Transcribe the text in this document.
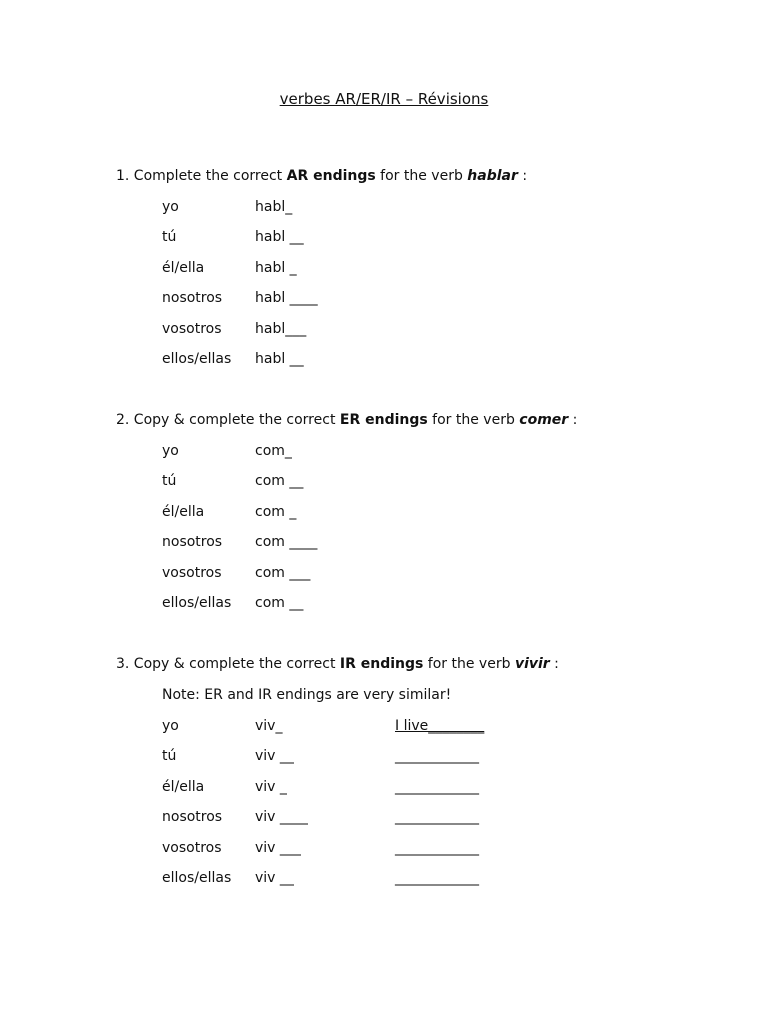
verbes AR/ER/IR – Révisions
1. Complete the correct AR endings for the verb hablar :
yo	habl_
tú	habl __
él/ella	habl _
nosotros habl ____
vosotros habl___
ellos/ellas habl __
2. Copy & complete the correct ER endings for the verb comer :
yo	com_
tú	com __
él/ella	com _
nosotros com ____
vosotros com ___
ellos/ellas com __
3. Copy & complete the correct IR endings for the verb vivir :
Note: ER and IR endings are very similar!
yo	viv_	I live________
tú	viv __	____________
él/ella	viv _	____________
nosotros viv ____	____________
vosotros viv ___	____________
ellos/ellas viv __	____________
